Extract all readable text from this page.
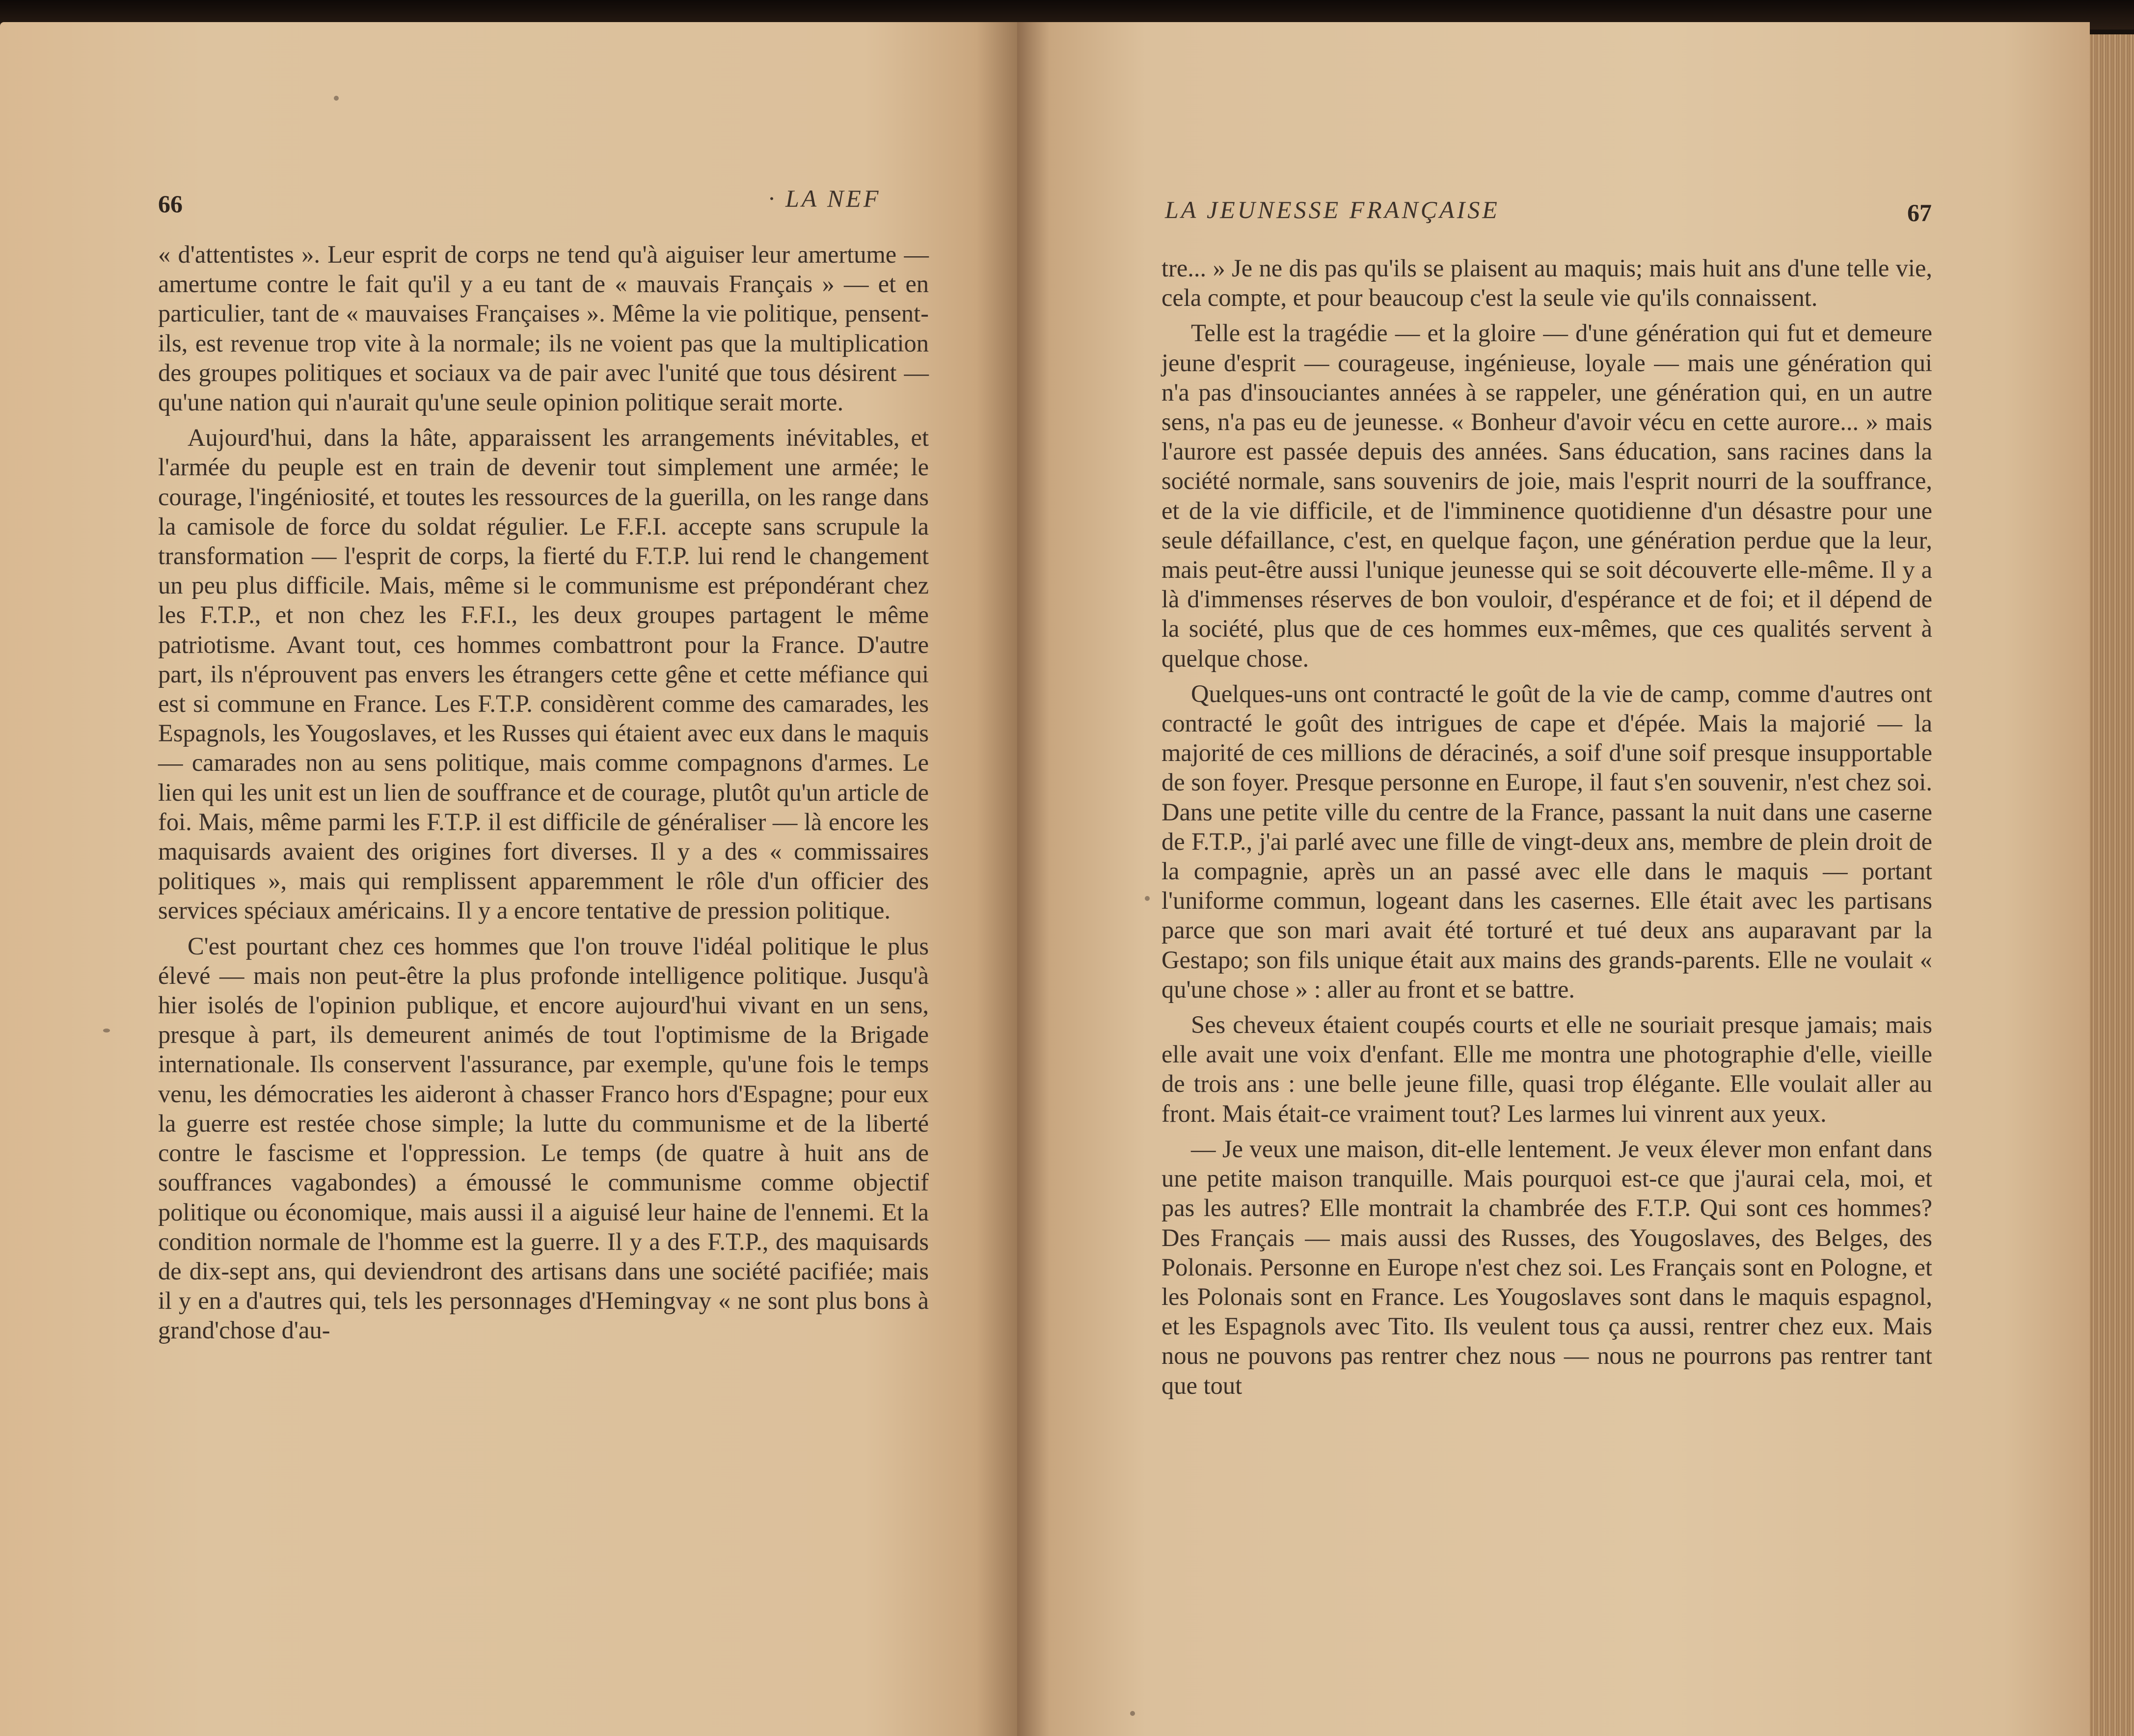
66	· LA NEF

« d'attentistes ». Leur esprit de corps ne tend qu'à aiguiser leur amertume — amertume contre le fait qu'il y a eu tant de « mauvais Français » — et en particulier, tant de « mauvaises Françaises ». Même la vie politique, pensent-ils, est revenue trop vite à la normale; ils ne voient pas que la multiplication des groupes politiques et sociaux va de pair avec l'unité que tous désirent — qu'une nation qui n'aurait qu'une seule opinion politique serait morte.

Aujourd'hui, dans la hâte, apparaissent les arrangements inévitables, et l'armée du peuple est en train de devenir tout simplement une armée; le courage, l'ingéniosité, et toutes les ressources de la guerilla, on les range dans la camisole de force du soldat régulier. Le F.F.I. accepte sans scrupule la transformation — l'esprit de corps, la fierté du F.T.P. lui rend le changement un peu plus difficile. Mais, même si le communisme est prépondérant chez les F.T.P., et non chez les F.F.I., les deux groupes partagent le même patriotisme. Avant tout, ces hommes combattront pour la France. D'autre part, ils n'éprouvent pas envers les étrangers cette gêne et cette méfiance qui est si commune en France. Les F.T.P. considèrent comme des camarades, les Espagnols, les Yougoslaves, et les Russes qui étaient avec eux dans le maquis — camarades non au sens politique, mais comme compagnons d'armes. Le lien qui les unit est un lien de souffrance et de courage, plutôt qu'un article de foi. Mais, même parmi les F.T.P. il est difficile de généraliser — là encore les maquisards avaient des origines fort diverses. Il y a des « commissaires politiques », mais qui remplissent apparemment le rôle d'un officier des services spéciaux américains. Il y a encore tentative de pression politique.

C'est pourtant chez ces hommes que l'on trouve l'idéal politique le plus élevé — mais non peut-être la plus profonde intelligence politique. Jusqu'à hier isolés de l'opinion publique, et encore aujourd'hui vivant en un sens, presque à part, ils demeurent animés de tout l'optimisme de la Brigade internationale. Ils conservent l'assurance, par exemple, qu'une fois le temps venu, les démocraties les aideront à chasser Franco hors d'Espagne; pour eux la guerre est restée chose simple; la lutte du communisme et de la liberté contre le fascisme et l'oppression. Le temps (de quatre à huit ans de souffrances vagabondes) a émoussé le communisme comme objectif politique ou économique, mais aussi il a aiguisé leur haine de l'ennemi. Et la condition normale de l'homme est la guerre. Il y a des F.T.P., des maquisards de dix-sept ans, qui deviendront des artisans dans une société pacifiée; mais il y en a d'autres qui, tels les personnages d'Hemingvay « ne sont plus bons à grand'chose d'au-

LA JEUNESSE FRANÇAISE	67

tre... » Je ne dis pas qu'ils se plaisent au maquis; mais huit ans d'une telle vie, cela compte, et pour beaucoup c'est la seule vie qu'ils connaissent.

Telle est la tragédie — et la gloire — d'une génération qui fut et demeure jeune d'esprit — courageuse, ingénieuse, loyale — mais une génération qui n'a pas d'insouciantes années à se rappeler, une génération qui, en un autre sens, n'a pas eu de jeunesse. « Bonheur d'avoir vécu en cette aurore... » mais l'aurore est passée depuis des années. Sans éducation, sans racines dans la société normale, sans souvenirs de joie, mais l'esprit nourri de la souffrance, et de la vie difficile, et de l'imminence quotidienne d'un désastre pour une seule défaillance, c'est, en quelque façon, une génération perdue que la leur, mais peut-être aussi l'unique jeunesse qui se soit découverte elle-même. Il y a là d'immenses réserves de bon vouloir, d'espérance et de foi; et il dépend de la société, plus que de ces hommes eux-mêmes, que ces qualités servent à quelque chose.

Quelques-uns ont contracté le goût de la vie de camp, comme d'autres ont contracté le goût des intrigues de cape et d'épée. Mais la majorié — la majorité de ces millions de déracinés, a soif d'une soif presque insupportable de son foyer. Presque personne en Europe, il faut s'en souvenir, n'est chez soi. Dans une petite ville du centre de la France, passant la nuit dans une caserne de F.T.P., j'ai parlé avec une fille de vingt-deux ans, membre de plein droit de la compagnie, après un an passé avec elle dans le maquis — portant l'uniforme commun, logeant dans les casernes. Elle était avec les partisans parce que son mari avait été torturé et tué deux ans auparavant par la Gestapo; son fils unique était aux mains des grands-parents. Elle ne voulait « qu'une chose » : aller au front et se battre.

Ses cheveux étaient coupés courts et elle ne souriait presque jamais; mais elle avait une voix d'enfant. Elle me montra une photographie d'elle, vieille de trois ans : une belle jeune fille, quasi trop élégante. Elle voulait aller au front. Mais était-ce vraiment tout? Les larmes lui vinrent aux yeux.

— Je veux une maison, dit-elle lentement. Je veux élever mon enfant dans une petite maison tranquille. Mais pourquoi est-ce que j'aurai cela, moi, et pas les autres? Elle montrait la chambrée des F.T.P. Qui sont ces hommes? Des Français — mais aussi des Russes, des Yougoslaves, des Belges, des Polonais. Personne en Europe n'est chez soi. Les Français sont en Pologne, et les Polonais sont en France. Les Yougoslaves sont dans le maquis espagnol, et les Espagnols avec Tito. Ils veulent tous ça aussi, rentrer chez eux. Mais nous ne pouvons pas rentrer chez nous — nous ne pourrons pas rentrer tant que tout
